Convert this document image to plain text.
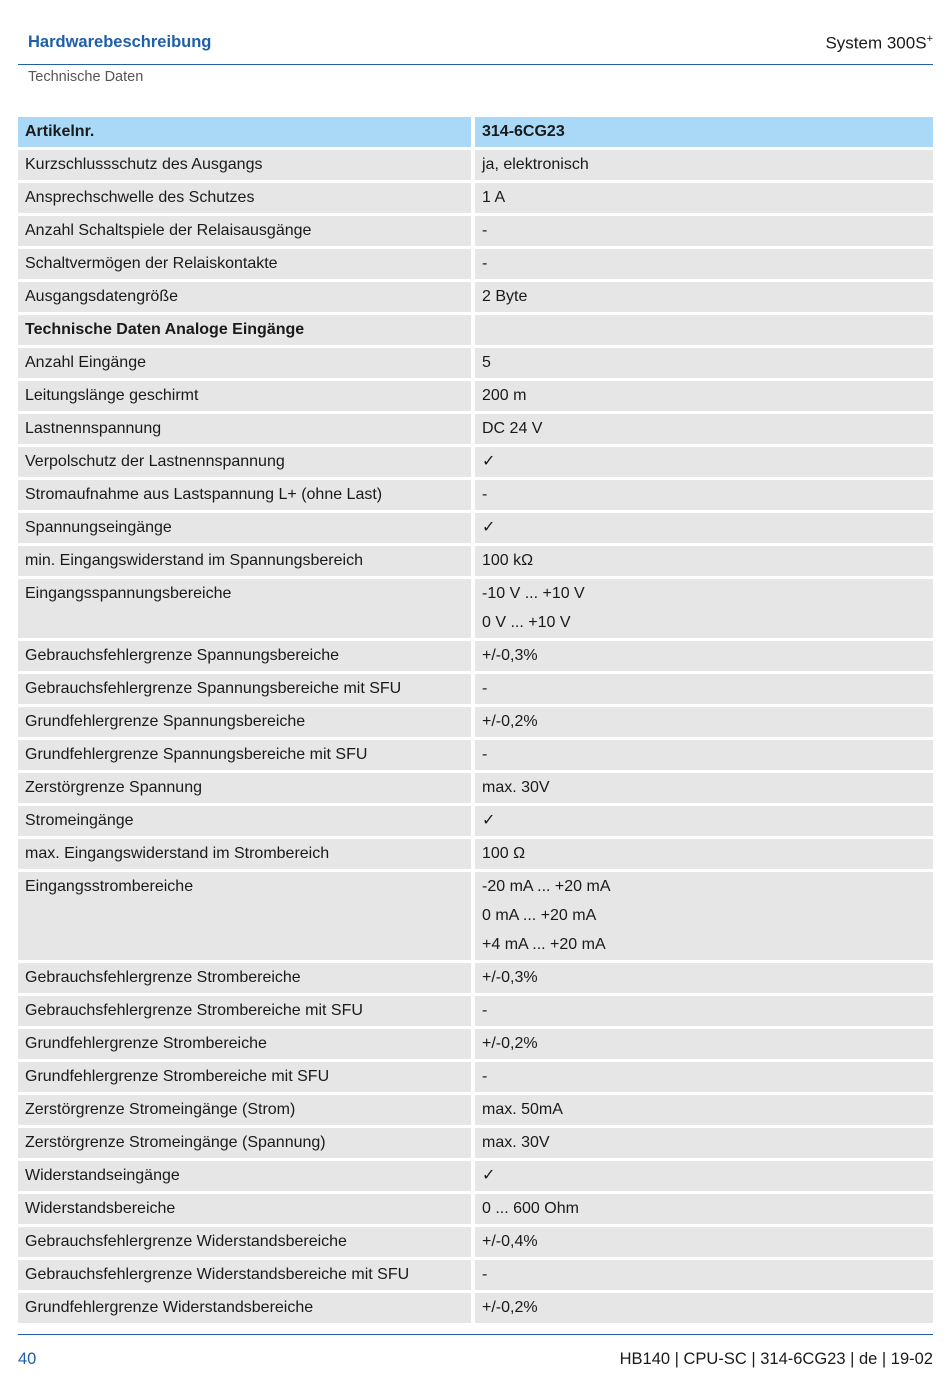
Hardwarebeschreibung	System 300S+
Technische Daten
Artikelnr.	314-6CG23
Kurzschlussschutz des Ausgangs	ja, elektronisch

Ansprechschwelle des Schutzes	1 A

Anzahl Schaltspiele der Relaisausgänge	-

Schaltvermögen der Relaiskontakte	-

Ausgangsdatengröße	2 Byte

Technische Daten Analoge Eingänge	

Anzahl Eingänge	5

Leitungslänge geschirmt	200 m

Lastnennspannung	DC 24 V

Verpolschutz der Lastnennspannung	✓

Stromaufnahme aus Lastspannung L+ (ohne Last)	-

Spannungseingänge	✓

min. Eingangswiderstand im Spannungsbereich	100 kΩ

Eingangsspannungsbereiche	-10 V ... +10 V
0 V ... +10 V

Gebrauchsfehlergrenze Spannungsbereiche	+/-0,3%

Gebrauchsfehlergrenze Spannungsbereiche mit SFU	-

Grundfehlergrenze Spannungsbereiche	+/-0,2%

Grundfehlergrenze Spannungsbereiche mit SFU	-

Zerstörgrenze Spannung	max. 30V

Stromeingänge	✓

max. Eingangswiderstand im Strombereich	100 Ω

Eingangsstrombereiche	-20 mA ... +20 mA
0 mA ... +20 mA
+4 mA ... +20 mA

Gebrauchsfehlergrenze Strombereiche	+/-0,3%

Gebrauchsfehlergrenze Strombereiche mit SFU	-

Grundfehlergrenze Strombereiche	+/-0,2%

Grundfehlergrenze Strombereiche mit SFU	-

Zerstörgrenze Stromeingänge (Strom)	max. 50mA

Zerstörgrenze Stromeingänge (Spannung)	max. 30V

Widerstandseingänge	✓

Widerstandsbereiche	0 ... 600 Ohm

Gebrauchsfehlergrenze Widerstandsbereiche	+/-0,4%

Gebrauchsfehlergrenze Widerstandsbereiche mit SFU	-

Grundfehlergrenze Widerstandsbereiche	+/-0,2%
40	HB140 | CPU-SC | 314-6CG23 | de | 19-02
